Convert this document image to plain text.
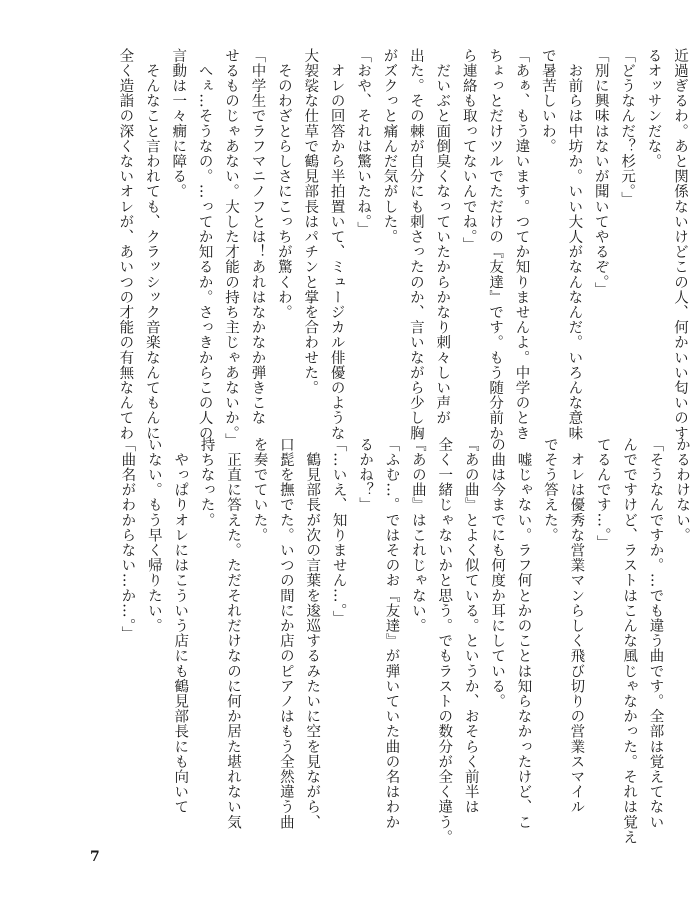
近過ぎるわ。あと関係ないけどこの人、何かいい匂いのす
るオッサンだな。
「どうなんだ？杉元。」
「別に興味はないが聞いてやるぞ。」
　お前らは中坊か。いい大人がなんなんだ。いろんな意味
で暑苦しいわ。
「あぁ、もう違います。つてか知りませんよ。中学のとき
ちょっとだけツルでただけの『友達』です。もう随分前か
ら連絡も取ってないんでね。」
　だいぶと面倒臭くなっていたからかなり刺々しい声が
出た。その棘が自分にも刺さったのか、言いながら少し胸
がズクっと痛んだ気がした。
「おや、それは驚いたね。」
　オレの回答から半拍置いて、ミュージカル俳優のような
大袈裟な仕草で鶴見部長はパチンと掌を合わせた。
　そのわざとらしさにこっちが驚くわ。
「中学生でラフマニノフとは！あれはなかなか弾きこな
せるものじゃあない。大した才能の持ち主じゃあないか。」
　へぇ…そうなの。…ってか知るか。さっきからこの人の
言動は一々癇に障る。
　そんなこと言われても、クラッシック音楽なんてもんに
全く造詣の深くないオレが、あいつの才能の有無なんてわ
かるわけない。
「そうなんですか。…でも違う曲です。全部は覚えてない
んでですけど、ラストはこんな風じゃなかった。それは覚え
てるんです…。」
　オレは優秀な営業マンらしく飛び切りの営業スマイル
でそう答えた。
　嘘じゃない。ラフ何とかのことは知らなかったけど、こ
の曲は今までにも何度か耳にしている。
『あの曲』とよく似ている。というか、おそらく前半は
全く一緒じゃないかと思う。でもラストの数分が全く違う。
『あの曲』はこれじゃない。
「ふむ…。ではそのお『友達』が弾いていた曲の名はわか
るかね？」
「…いえ、知りません…。」
　鶴見部長が次の言葉を逡巡するみたいに空を見ながら、
口髭を撫でた。いつの間にか店のピアノはもう全然違う曲
を奏でていた。
　正直に答えた。ただそれだけなのに何か居た堪れない気
持ちなった。
　やっぱりオレにはこういう店にも鶴見部長にも向いて
いない。もう早く帰りたい。
「曲名がわからない…か…。」
7
